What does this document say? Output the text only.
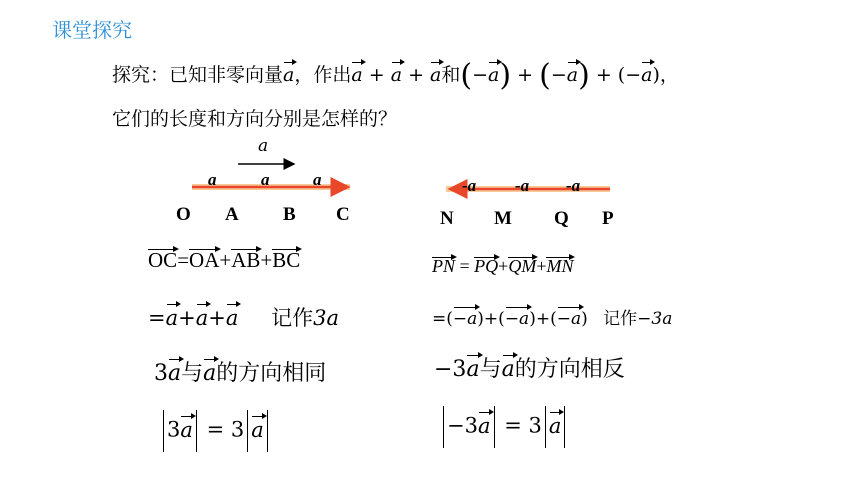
课堂探究
探究：已知非零向量a，作出a + a + a和(−a) + (−a) + (−a)，
它们的长度和方向分别是怎样的？
a
a	a	a
O A B C
-a -a -a
N M Q P
OC=OA+AB+BC
=a+a+a 记作3a
3a与a的方向相同
3a = 3 a
PN = PQ+QM+MN
=(−a)+(−a)+(−a) 记作−3a
−3a与a的方向相反
−3a = 3 a
